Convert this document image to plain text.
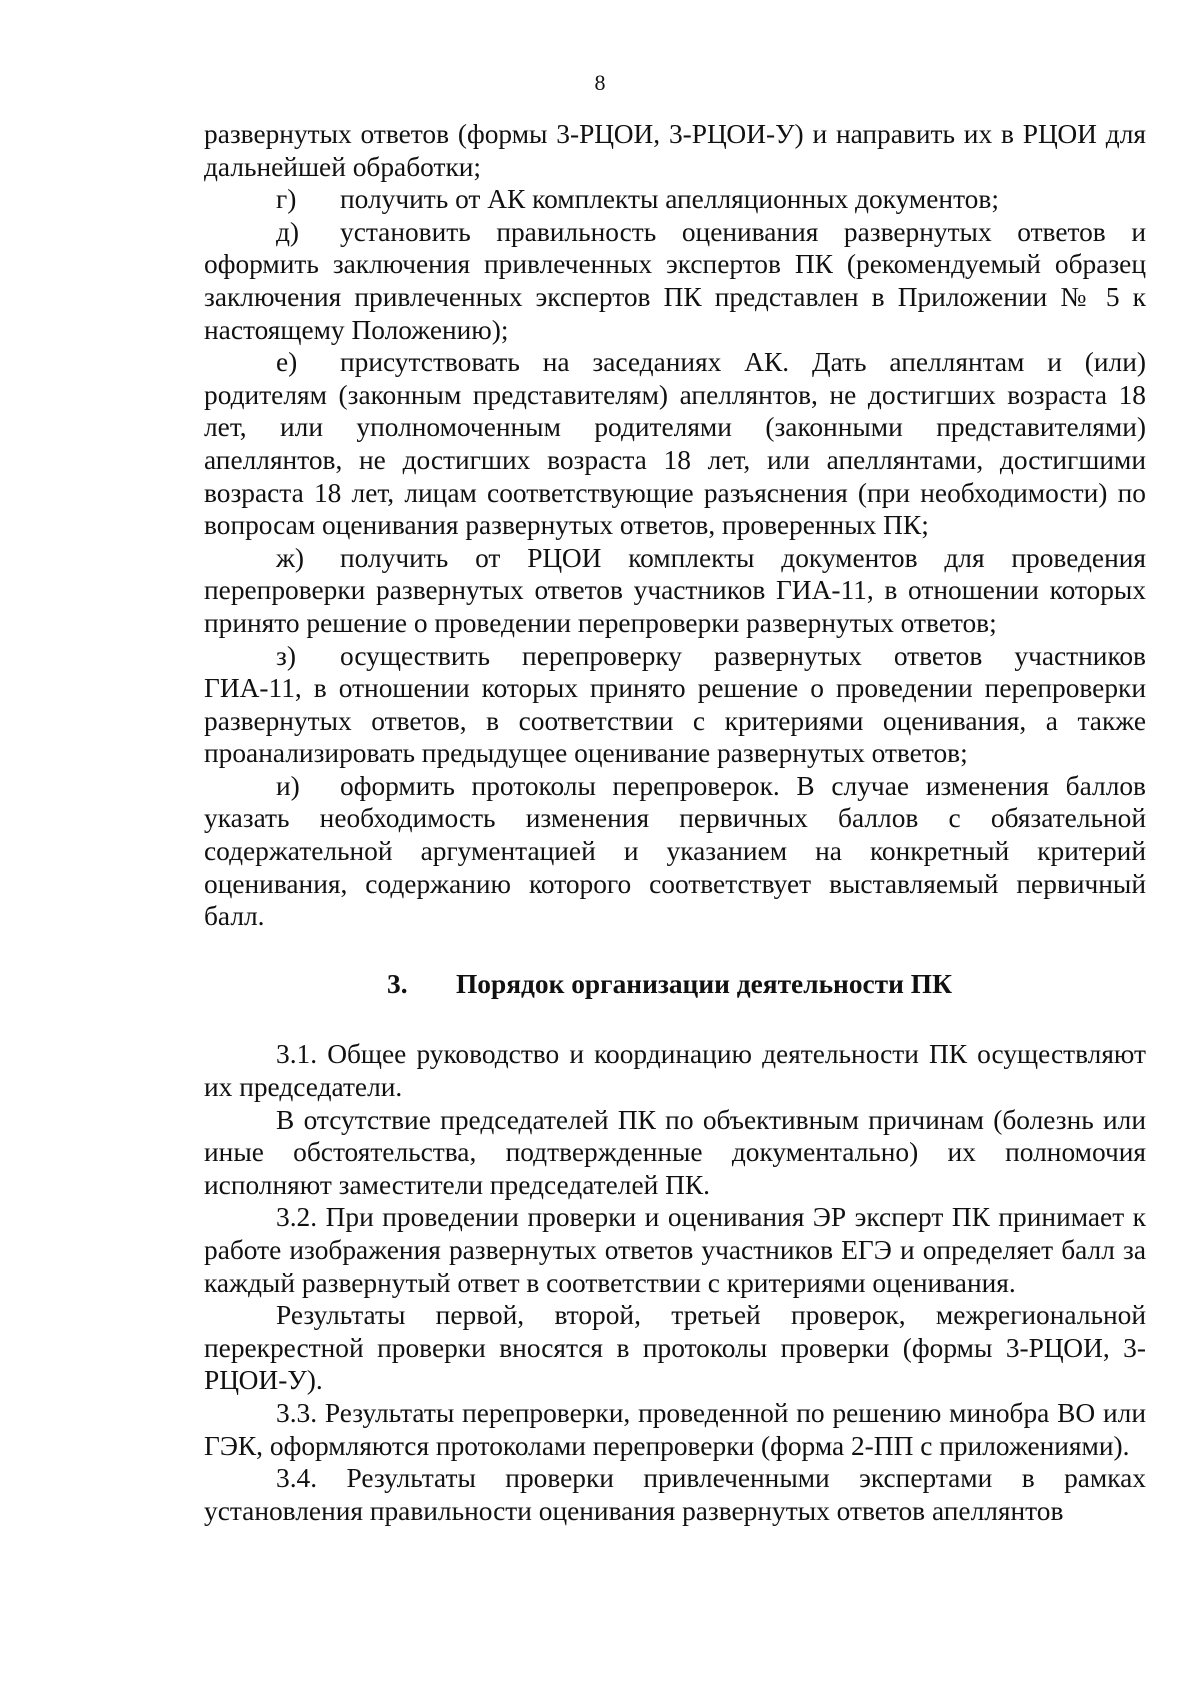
8

развернутых ответов (формы 3-РЦОИ, 3-РЦОИ-У) и направить их в РЦОИ для дальнейшей обработки;

г) получить от АК комплекты апелляционных документов;

д) установить правильность оценивания развернутых ответов и оформить заключения привлеченных экспертов ПК (рекомендуемый образец заключения привлеченных экспертов ПК представлен в Приложении № 5 к настоящему Положению);

е) присутствовать на заседаниях АК. Дать апеллянтам и (или) родителям (законным представителям) апеллянтов, не достигших возраста 18 лет, или уполномоченным родителями (законными представителями) апеллянтов, не достигших возраста 18 лет, или апеллянтами, достигшими возраста 18 лет, лицам соответствующие разъяснения (при необходимости) по вопросам оценивания развернутых ответов, проверенных ПК;

ж) получить от РЦОИ комплекты документов для проведения перепроверки развернутых ответов участников ГИА-11, в отношении которых принято решение о проведении перепроверки развернутых ответов;

з) осуществить перепроверку развернутых ответов участников ГИА-11, в отношении которых принято решение о проведении перепроверки развернутых ответов, в соответствии с критериями оценивания, а также проанализировать предыдущее оценивание развернутых ответов;

и) оформить протоколы перепроверок. В случае изменения баллов указать необходимость изменения первичных баллов с обязательной содержательной аргументацией и указанием на конкретный критерий оценивания, содержанию которого соответствует выставляемый первичный балл.

3. Порядок организации деятельности ПК

3.1. Общее руководство и координацию деятельности ПК осуществляют их председатели.

В отсутствие председателей ПК по объективным причинам (болезнь или иные обстоятельства, подтвержденные документально) их полномочия исполняют заместители председателей ПК.

3.2. При проведении проверки и оценивания ЭР эксперт ПК принимает к работе изображения развернутых ответов участников ЕГЭ и определяет балл за каждый развернутый ответ в соответствии с критериями оценивания.

Результаты первой, второй, третьей проверок, межрегиональной перекрестной проверки вносятся в протоколы проверки (формы 3-РЦОИ, 3-РЦОИ-У).

3.3. Результаты перепроверки, проведенной по решению минобра ВО или ГЭК, оформляются протоколами перепроверки (форма 2-ПП с приложениями).

3.4. Результаты проверки привлеченными экспертами в рамках установления правильности оценивания развернутых ответов апеллянтов
